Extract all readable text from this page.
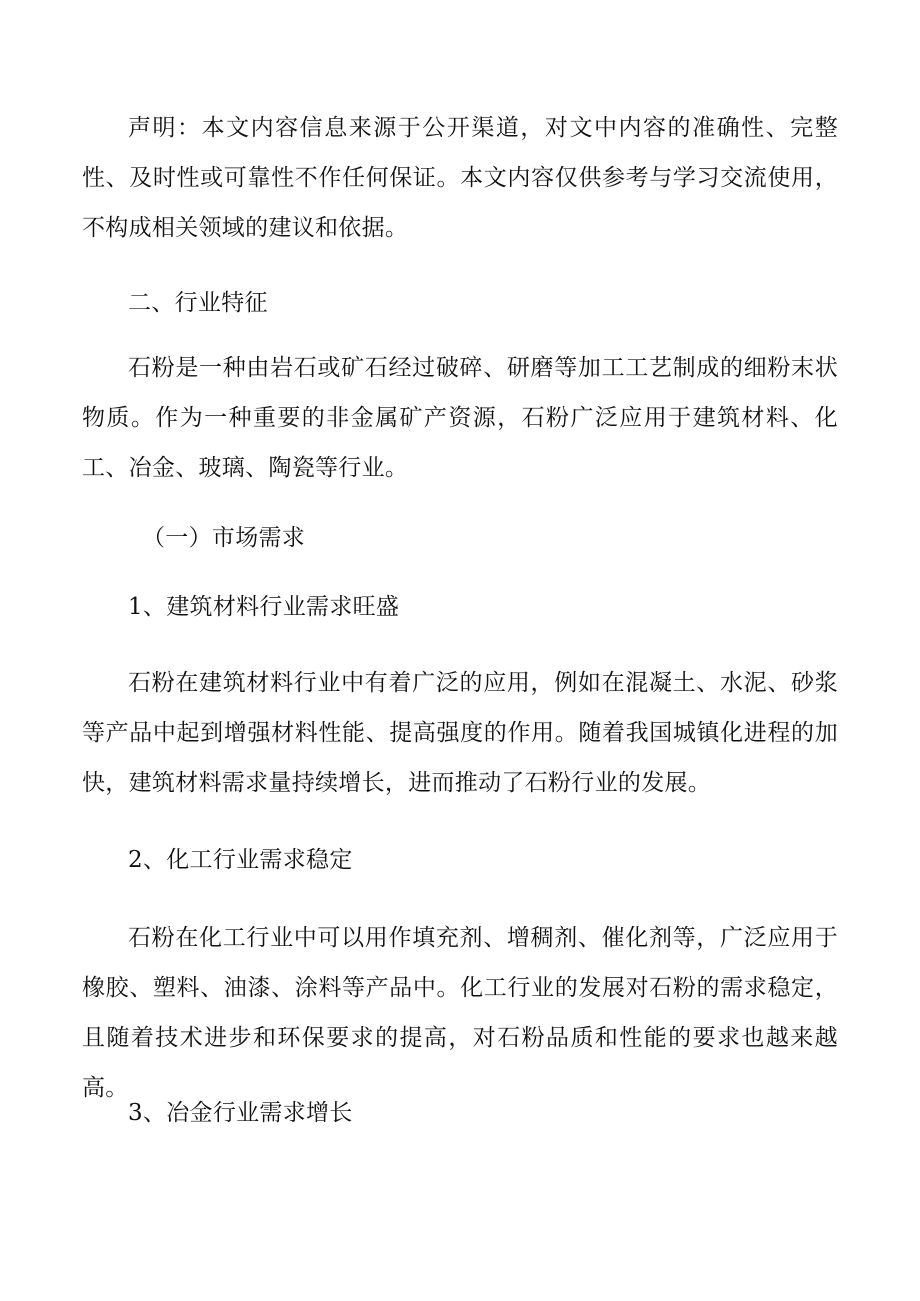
声明：本文内容信息来源于公开渠道，对文中内容的准确性、完整性、及时性或可靠性不作任何保证。本文内容仅供参考与学习交流使用，不构成相关领域的建议和依据。

二、行业特征

石粉是一种由岩石或矿石经过破碎、研磨等加工工艺制成的细粉末状物质。作为一种重要的非金属矿产资源，石粉广泛应用于建筑材料、化工、冶金、玻璃、陶瓷等行业。

（一）市场需求

1、建筑材料行业需求旺盛

石粉在建筑材料行业中有着广泛的应用，例如在混凝土、水泥、砂浆等产品中起到增强材料性能、提高强度的作用。随着我国城镇化进程的加快，建筑材料需求量持续增长，进而推动了石粉行业的发展。

2、化工行业需求稳定

石粉在化工行业中可以用作填充剂、增稠剂、催化剂等，广泛应用于橡胶、塑料、油漆、涂料等产品中。化工行业的发展对石粉的需求稳定，且随着技术进步和环保要求的提高，对石粉品质和性能的要求也越来越高。

3、冶金行业需求增长
